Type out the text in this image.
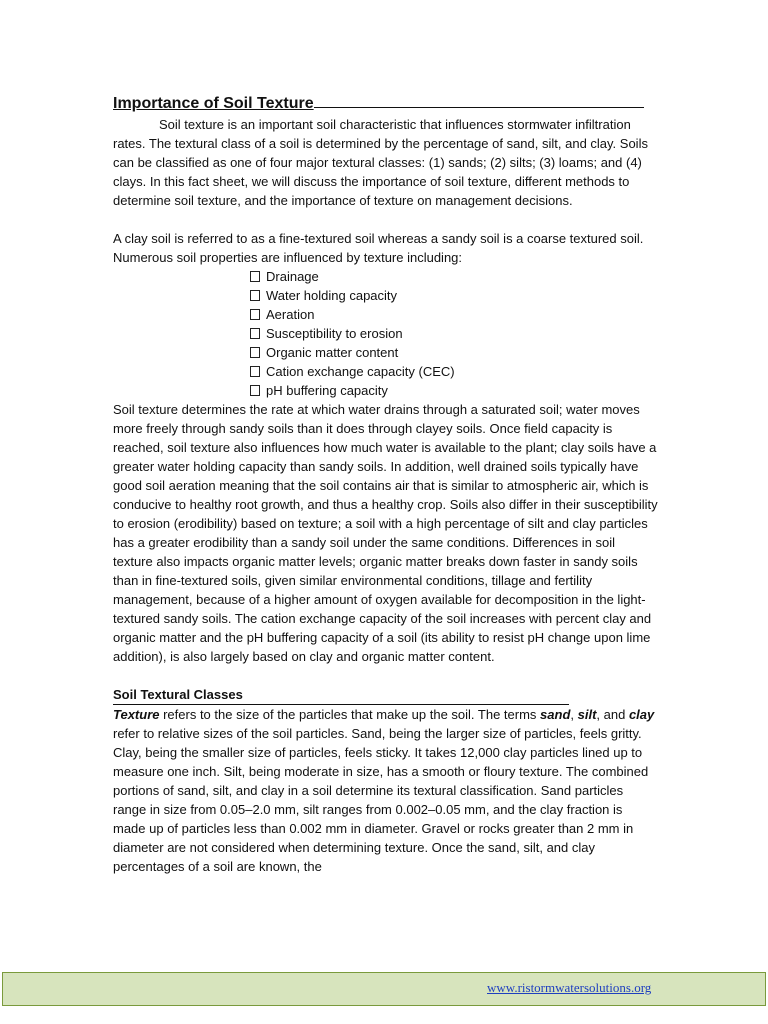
Importance of Soil Texture

Soil texture is an important soil characteristic that influences stormwater infiltration rates. The textural class of a soil is determined by the percentage of sand, silt, and clay. Soils can be classified as one of four major textural classes: (1) sands; (2) silts; (3) loams; and (4) clays. In this fact sheet, we will discuss the importance of soil texture, different methods to determine soil texture, and the importance of texture on management decisions.

A clay soil is referred to as a fine-textured soil whereas a sandy soil is a coarse textured soil. Numerous soil properties are influenced by texture including:

Drainage
Water holding capacity
Aeration
Susceptibility to erosion
Organic matter content
Cation exchange capacity (CEC)
pH buffering capacity

Soil texture determines the rate at which water drains through a saturated soil; water moves more freely through sandy soils than it does through clayey soils. Once field capacity is reached, soil texture also influences how much water is available to the plant; clay soils have a greater water holding capacity than sandy soils. In addition, well drained soils typically have good soil aeration meaning that the soil contains air that is similar to atmospheric air, which is conducive to healthy root growth, and thus a healthy crop. Soils also differ in their susceptibility to erosion (erodibility) based on texture; a soil with a high percentage of silt and clay particles has a greater erodibility than a sandy soil under the same conditions. Differences in soil texture also impacts organic matter levels; organic matter breaks down faster in sandy soils than in fine-textured soils, given similar environmental conditions, tillage and fertility management, because of a higher amount of oxygen available for decomposition in the light-textured sandy soils. The cation exchange capacity of the soil increases with percent clay and organic matter and the pH buffering capacity of a soil (its ability to resist pH change upon lime addition), is also largely based on clay and organic matter content.

Soil Textural Classes

Texture refers to the size of the particles that make up the soil. The terms sand, silt, and clay refer to relative sizes of the soil particles. Sand, being the larger size of particles, feels gritty. Clay, being the smaller size of particles, feels sticky. It takes 12,000 clay particles lined up to measure one inch. Silt, being moderate in size, has a smooth or floury texture. The combined portions of sand, silt, and clay in a soil determine its textural classification. Sand particles range in size from 0.05–2.0 mm, silt ranges from 0.002–0.05 mm, and the clay fraction is made up of particles less than 0.002 mm in diameter. Gravel or rocks greater than 2 mm in diameter are not considered when determining texture. Once the sand, silt, and clay percentages of a soil are known, the

www.ristormwatersolutions.org
